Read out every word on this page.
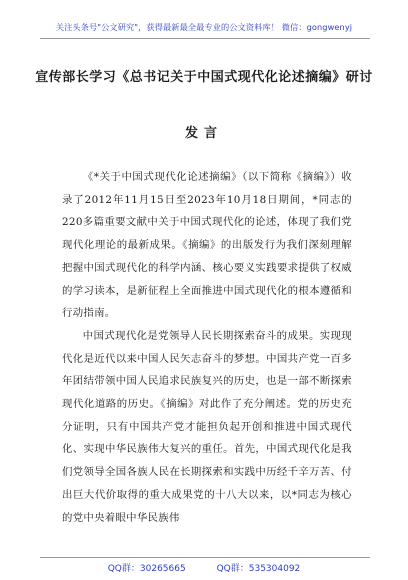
关注头条号"公文研究"，获得最新最全最专业的公文资料库！ 微信：gongwenyj
宣传部长学习《总书记关于中国式现代化论述摘编》研讨
发言

《*关于中国式现代化论述摘编》（以下简称《摘编》）收录了2012年11月15日至2023年10月18日期间，*同志的220多篇重要文献中关于中国式现代化的论述，体现了我们党现代化理论的最新成果。《摘编》的出版发行为我们深刻理解把握中国式现代化的科学内涵、核心要义实践要求提供了权威的学习读本，是新征程上全面推进中国式现代化的根本遵循和行动指南。

中国式现代化是党领导人民长期探索奋斗的成果。实现现代化是近代以来中国人民矢志奋斗的梦想。中国共产党一百多年团结带领中国人民追求民族复兴的历史，也是一部不断探索现代化道路的历史。《摘编》对此作了充分阐述。党的历史充分证明，只有中国共产党才能担负起开创和推进中国式现代化、实现中华民族伟大复兴的重任。首先，中国式现代化是我们党领导全国各族人民在长期探索和实践中历经千辛万苦、付出巨大代价取得的重大成果党的十八大以来，以*同志为核心的党中央着眼中华民族伟

QQ群：30265665	QQ群：535304092
